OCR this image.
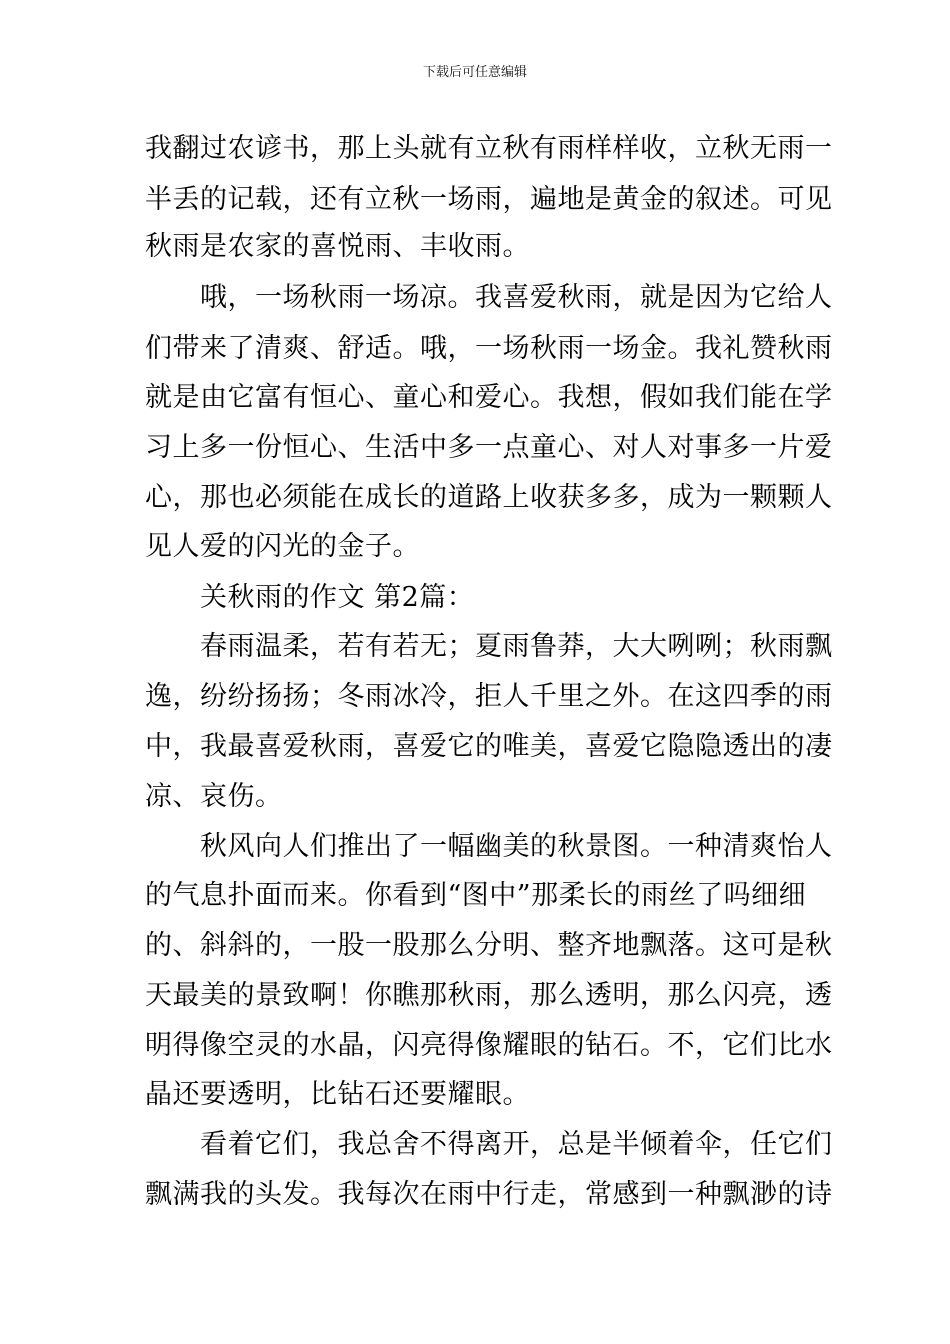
下载后可任意编辑
我翻过农谚书，那上头就有立秋有雨样样收，立秋无雨一
半丢的记载，还有立秋一场雨，遍地是黄金的叙述。可见
秋雨是农家的喜悦雨、丰收雨。
　　哦，一场秋雨一场凉。我喜爱秋雨，就是因为它给人
们带来了清爽、舒适。哦，一场秋雨一场金。我礼赞秋雨
就是由它富有恒心、童心和爱心。我想，假如我们能在学
习上多一份恒心、生活中多一点童心、对人对事多一片爱
心，那也必须能在成长的道路上收获多多，成为一颗颗人
见人爱的闪光的金子。
　　关秋雨的作文 第2篇：
　　春雨温柔，若有若无；夏雨鲁莽，大大咧咧；秋雨飘
逸，纷纷扬扬；冬雨冰冷，拒人千里之外。在这四季的雨
中，我最喜爱秋雨，喜爱它的唯美，喜爱它隐隐透出的凄
凉、哀伤。
　　秋风向人们推出了一幅幽美的秋景图。一种清爽怡人
的气息扑面而来。你看到“图中”那柔长的雨丝了吗细细
的、斜斜的，一股一股那么分明、整齐地飘落。这可是秋
天最美的景致啊！你瞧那秋雨，那么透明，那么闪亮，透
明得像空灵的水晶，闪亮得像耀眼的钻石。不，它们比水
晶还要透明，比钻石还要耀眼。
　　看着它们，我总舍不得离开，总是半倾着伞，任它们
飘满我的头发。我每次在雨中行走，常感到一种飘渺的诗
